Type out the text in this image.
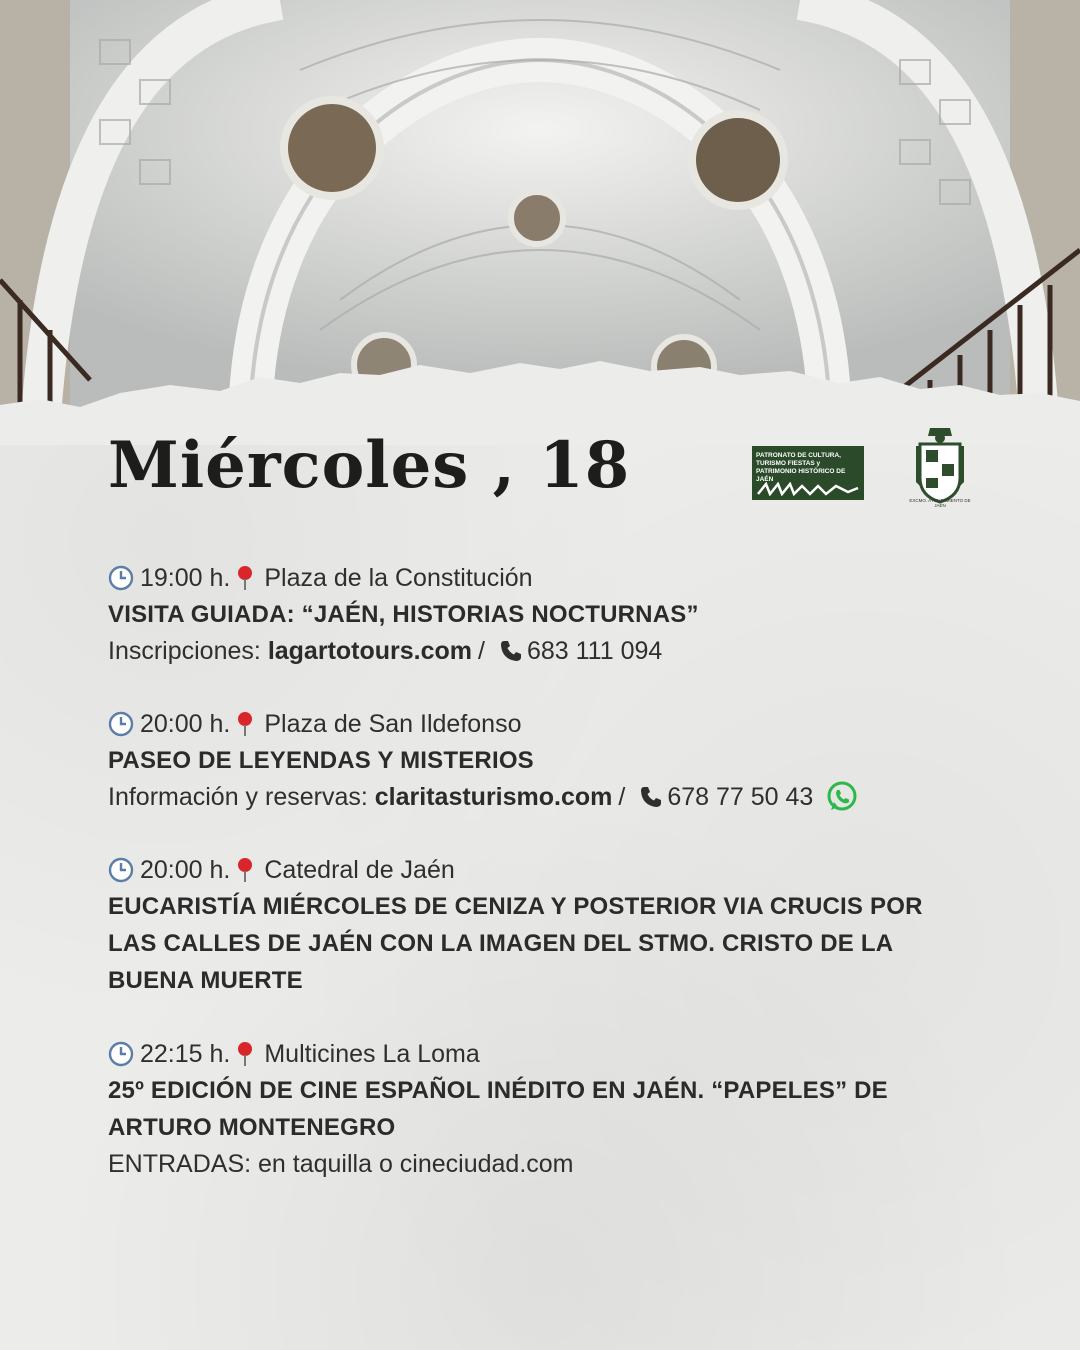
Miércoles , 18	PATRONATO DE CULTURA, TURISMO FIESTAS y PATRIMONIO HISTÓRICO DE JAÉN
EXCMO. AYUNTAMIENTO DE JAÉN
19:00 h. Plaza de la Constitución
VISITA GUIADA: “JAÉN, HISTORIAS NOCTURNAS”
Inscripciones:
lagartotours.com / 683 111 094
20:00 h. Plaza de San Ildefonso
PASEO DE LEYENDAS Y MISTERIOS
Información y reservas:
claritasturismo.com / 678 77 50 43
20:00 h. Catedral de Jaén
EUCARISTÍA MIÉRCOLES DE CENIZA Y POSTERIOR VIA CRUCIS POR
LAS CALLES DE JAÉN CON LA IMAGEN DEL STMO. CRISTO DE LA
BUENA MUERTE
22:15 h. Multicines La Loma
25º EDICIÓN DE CINE ESPAÑOL INÉDITO EN JAÉN. “PAPELES” DE
ARTURO MONTENEGRO
ENTRADAS: en taquilla o cineciudad.com
